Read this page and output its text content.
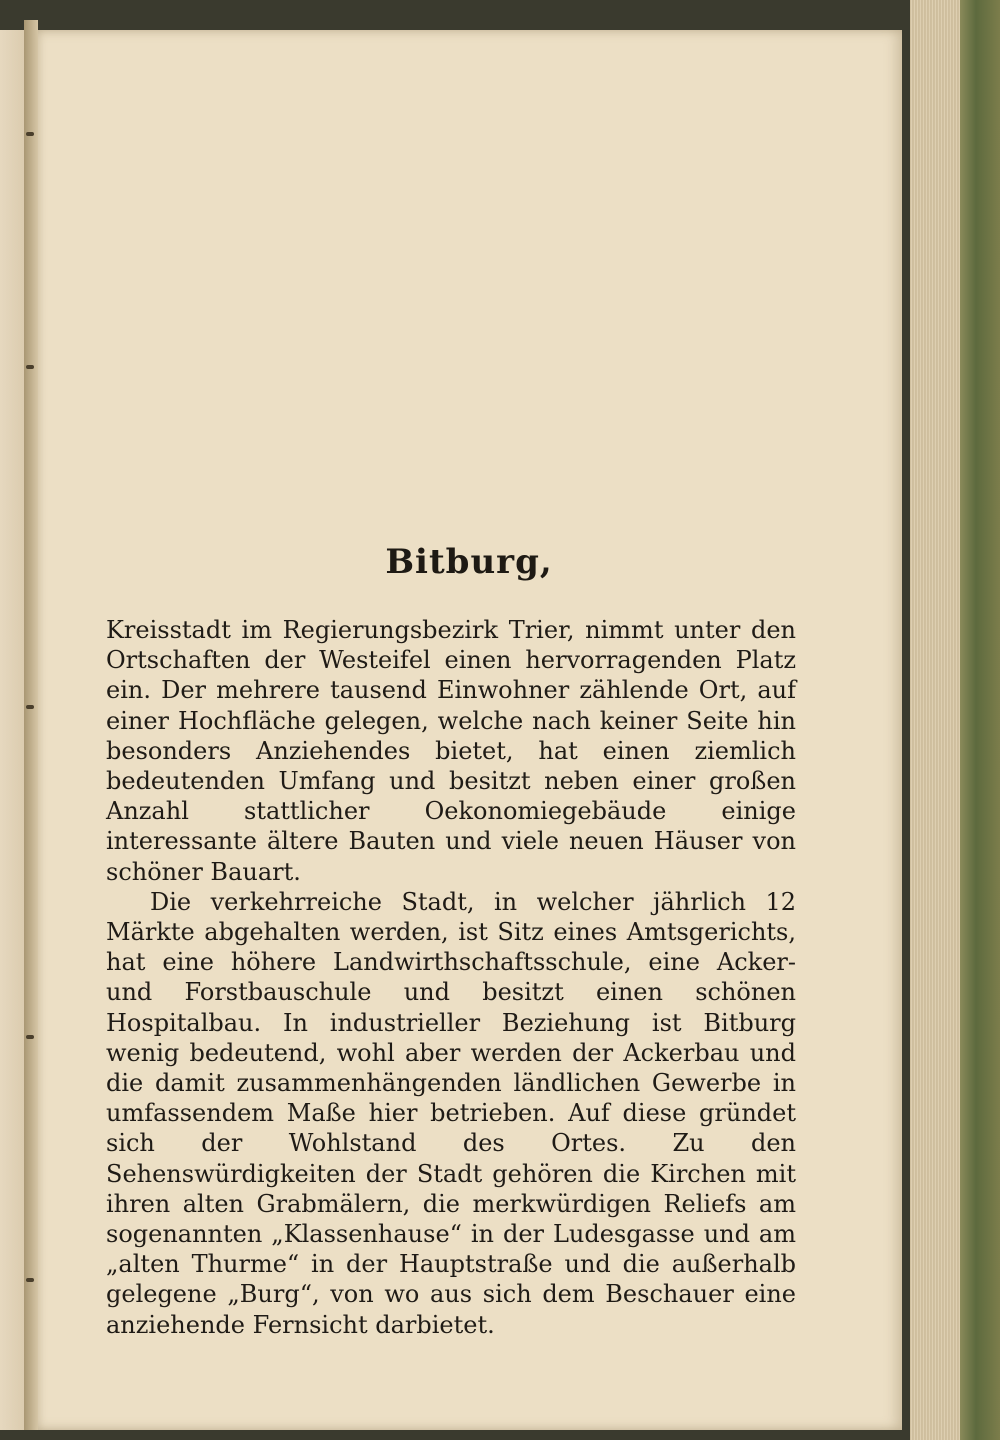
Bitburg,

Kreisstadt im Regierungsbezirk Trier, nimmt unter den Ortschaften der Westeifel einen hervorragenden Platz ein. Der mehrere tausend Einwohner zählende Ort, auf einer Hochfläche gelegen, welche nach keiner Seite hin besonders Anziehendes bietet, hat einen ziemlich bedeutenden Umfang und besitzt neben einer großen Anzahl stattlicher Oekonomiegebäude einige interessante ältere Bauten und viele neuen Häuser von schöner Bauart.

Die verkehrreiche Stadt, in welcher jährlich 12 Märkte abgehalten werden, ist Sitz eines Amtsgerichts, hat eine höhere Landwirthschaftsschule, eine Acker- und Forstbauschule und besitzt einen schönen Hospitalbau. In industrieller Beziehung ist Bitburg wenig bedeutend, wohl aber werden der Ackerbau und die damit zusammenhängenden ländlichen Gewerbe in umfassendem Maße hier betrieben. Auf diese gründet sich der Wohlstand des Ortes. Zu den Sehenswürdigkeiten der Stadt gehören die Kirchen mit ihren alten Grabmälern, die merkwürdigen Reliefs am sogenannten „Klassenhause“ in der Ludesgasse und am „alten Thurme“ in der Hauptstraße und die außerhalb gelegene „Burg“, von wo aus sich dem Beschauer eine anziehende Fernsicht darbietet.
